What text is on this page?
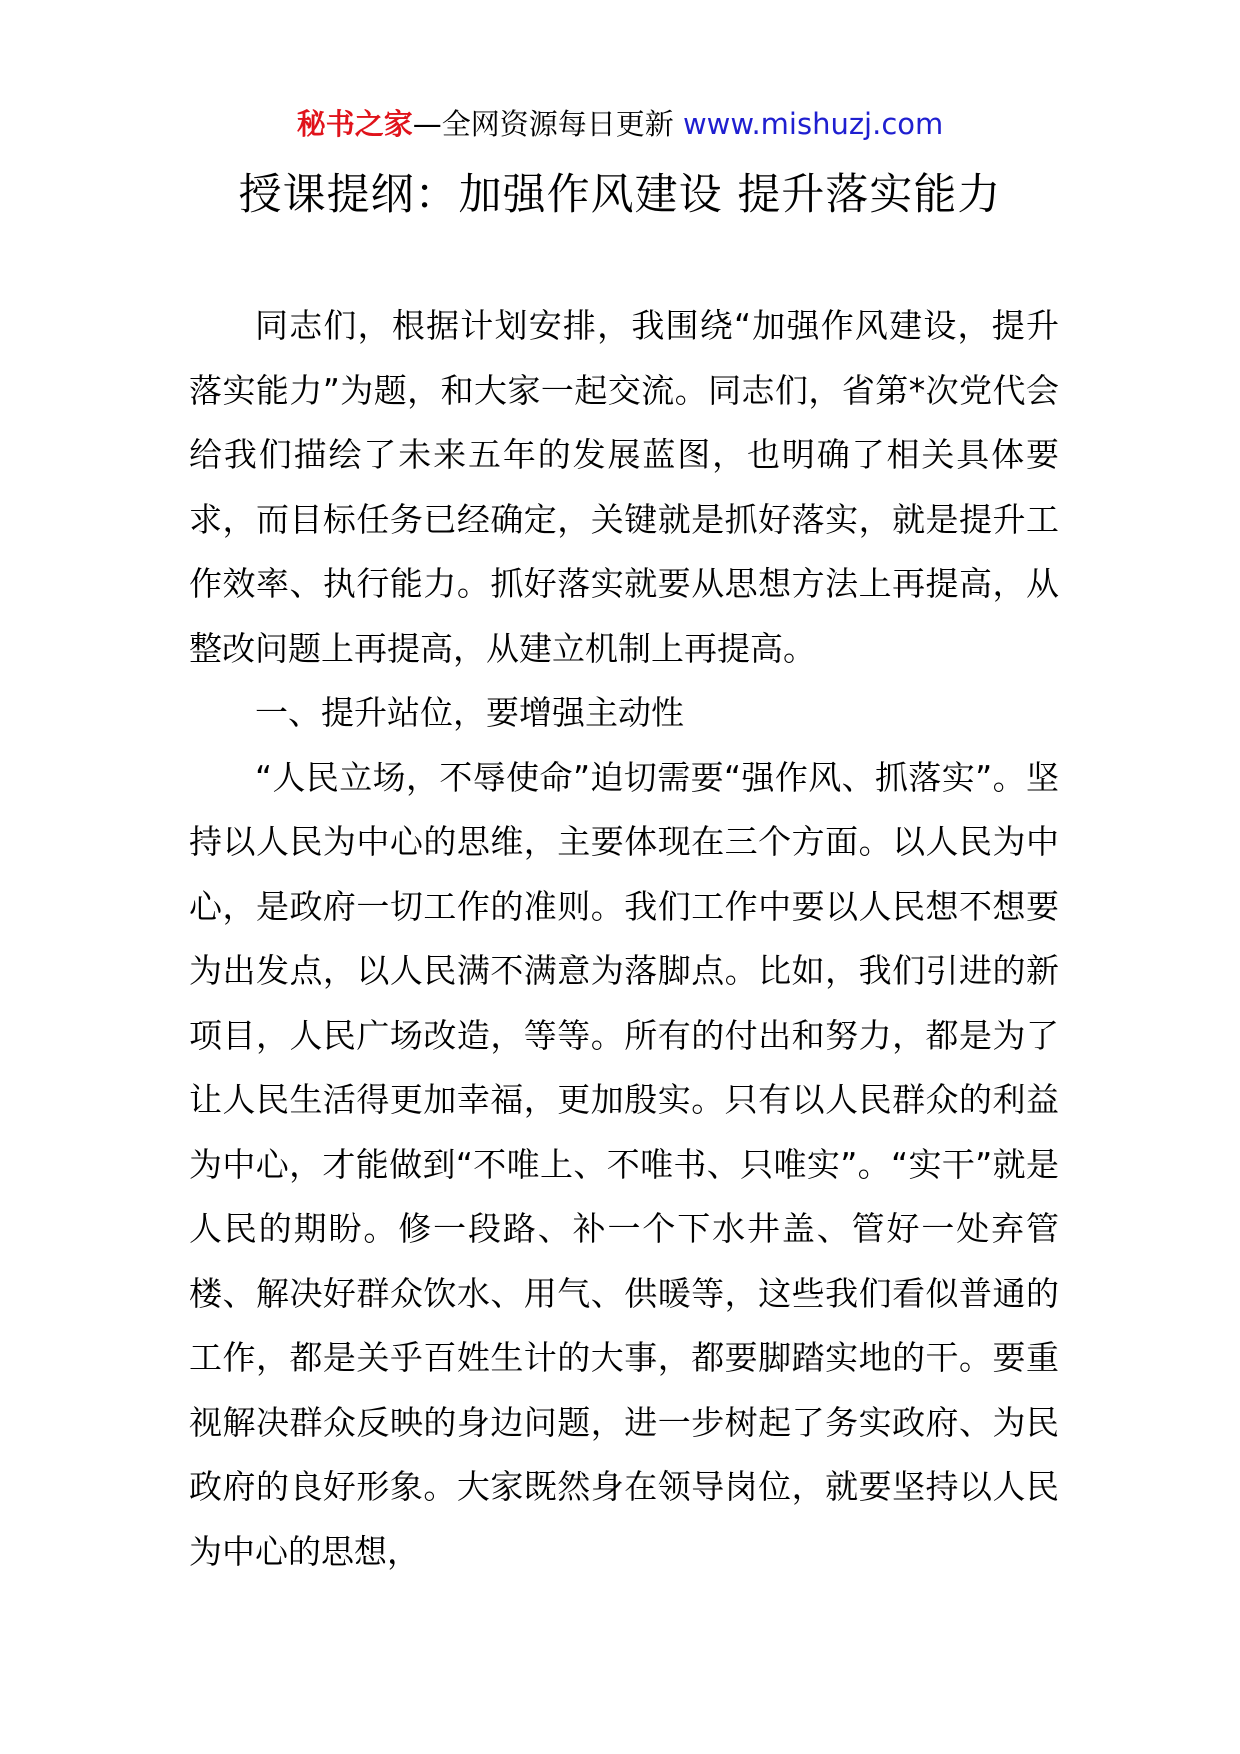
秘书之家—全网资源每日更新 www.mishuzj.com
授课提纲：加强作风建设 提升落实能力

同志们，根据计划安排，我围绕“加强作风建设，提升落实能力”为题，和大家一起交流。同志们，省第*次党代会给我们描绘了未来五年的发展蓝图，也明确了相关具体要求，而目标任务已经确定，关键就是抓好落实，就是提升工作效率、执行能力。抓好落实就要从思想方法上再提高，从整改问题上再提高，从建立机制上再提高。

一、提升站位，要增强主动性

“人民立场，不辱使命”迫切需要“强作风、抓落实”。坚持以人民为中心的思维，主要体现在三个方面。以人民为中心，是政府一切工作的准则。我们工作中要以人民想不想要为出发点，以人民满不满意为落脚点。比如，我们引进的新项目，人民广场改造，等等。所有的付出和努力，都是为了让人民生活得更加幸福，更加殷实。只有以人民群众的利益为中心，才能做到“不唯上、不唯书、只唯实”。“实干”就是人民的期盼。修一段路、补一个下水井盖、管好一处弃管楼、解决好群众饮水、用气、供暖等，这些我们看似普通的工作，都是关乎百姓生计的大事，都要脚踏实地的干。要重视解决群众反映的身边问题，进一步树起了务实政府、为民政府的良好形象。大家既然身在领导岗位，就要坚持以人民为中心的思想，
